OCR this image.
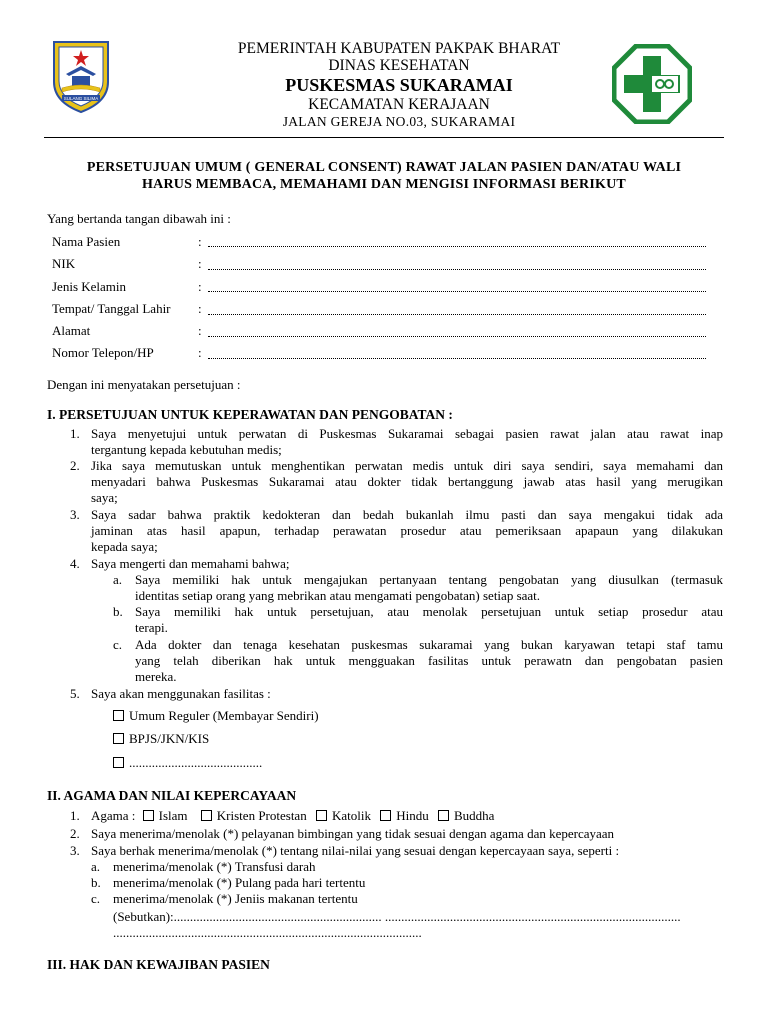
SULANG SILIMA
PEMERINTAH KABUPATEN PAKPAK BHARAT
DINAS KESEHATAN
PUSKESMAS SUKARAMAI
KECAMATAN KERAJAAN
JALAN GEREJA NO.03, SUKARAMAI
PERSETUJUAN UMUM ( GENERAL CONSENT) RAWAT JALAN PASIEN DAN/ATAU WALI
HARUS MEMBACA, MEMAHAMI DAN MENGISI INFORMASI BERIKUT
Yang bertanda tangan dibawah ini :
Nama Pasien	:
NIK	:
Jenis Kelamin	:
Tempat/ Tanggal Lahir :
Alamat	:
Nomor Telepon/HP	:
Dengan ini menyatakan persetujuan :
I. PERSETUJUAN UNTUK KEPERAWATAN DAN PENGOBATAN :
1. Saya menyetujui untuk perwatan di Puskesmas Sukaramai sebagai pasien rawat jalan atau rawat inap
tergantung kepada kebutuhan medis;
2. Jika saya memutuskan untuk menghentikan perwatan medis untuk diri saya sendiri, saya memahami dan
menyadari bahwa Puskesmas Sukaramai atau dokter tidak bertanggung jawab atas hasil yang merugikan
saya;
3. Saya sadar bahwa praktik kedokteran dan bedah bukanlah ilmu pasti dan saya mengakui tidak ada
jaminan atas hasil apapun, terhadap perawatan prosedur atau pemeriksaan apapaun yang dilakukan
kepada saya;
4. Saya mengerti dan memahami bahwa;
a. Saya memiliki hak untuk mengajukan pertanyaan tentang pengobatan yang diusulkan (termasuk
identitas setiap orang yang mebrikan atau mengamati pengobatan) setiap saat.
b. Saya memiliki hak untuk persetujuan, atau menolak persetujuan untuk setiap prosedur atau
terapi.
c. Ada dokter dan tenaga kesehatan puskesmas sukaramai yang bukan karyawan tetapi staf tamu
yang telah diberikan hak untuk mengguakan fasilitas untuk perawatn dan pengobatan pasien
mereka.
5. Saya akan menggunakan fasilitas :
Umum Reguler (Membayar Sendiri)
BPJS/JKN/KIS
.........................................
II. AGAMA DAN NILAI KEPERCAYAAN
1. Agama : Islam Kristen Protestan Katolik Hindu Buddha
2. Saya menerima/menolak (*) pelayanan bimbingan yang tidak sesuai dengan agama dan kepercayaan
3. Saya berhak menerima/menolak (*) tentang nilai-nilai yang sesuai dengan kepercayaan saya, seperti :
a. menerima/menolak (*) Transfusi darah
b. menerima/menolak (*) Pulang pada hari tertentu
c. menerima/menolak (*) Jeniis makanan tertentu
(Sebutkan):................................................................ ...........................................................................................
...............................................................................................
III. HAK DAN KEWAJIBAN PASIEN
